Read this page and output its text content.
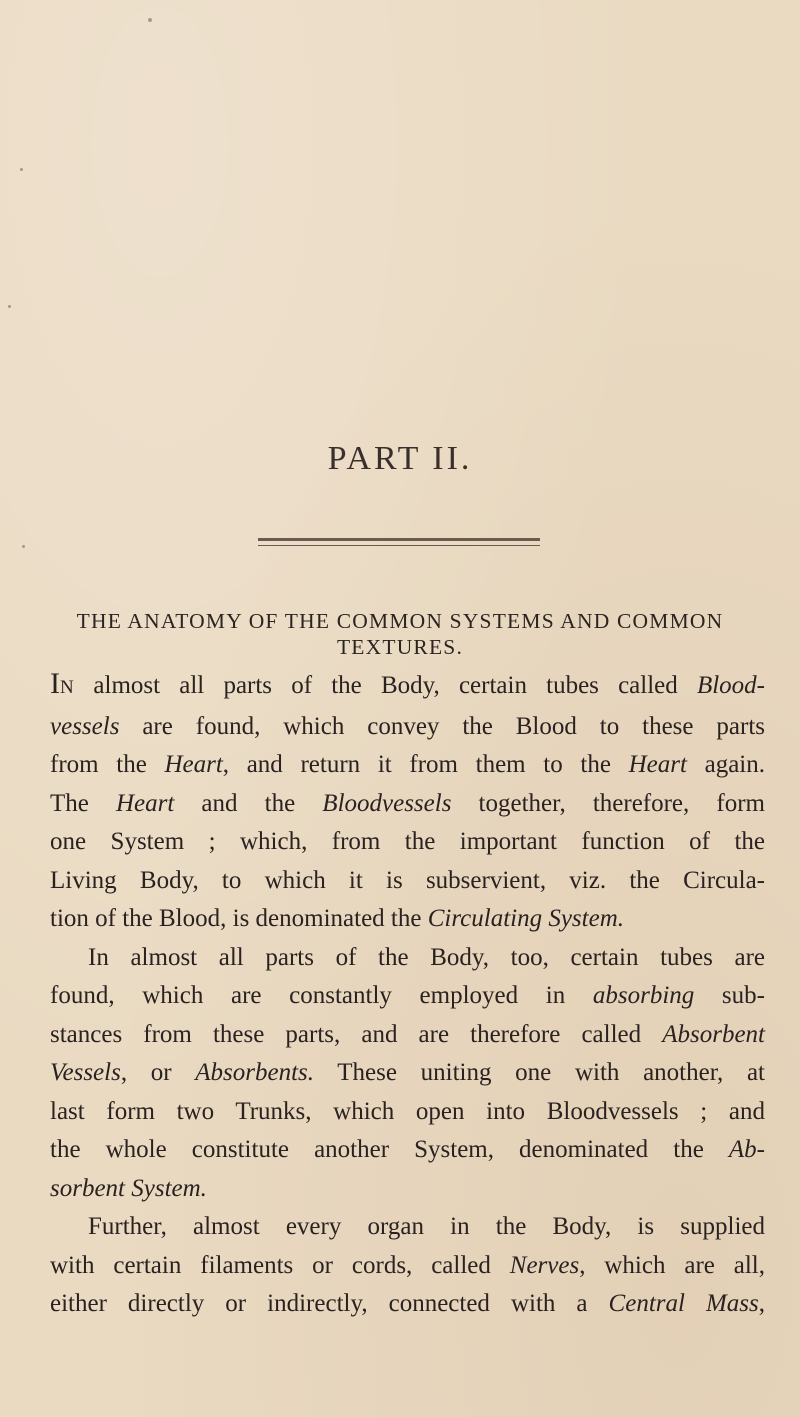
PART II.
THE ANATOMY OF THE COMMON SYSTEMS AND COMMON
TEXTURES.
IN almost all parts of the Body, certain tubes called Blood-
vessels are found, which convey the Blood to these parts
from the Heart, and return it from them to the Heart again.
The Heart and the Bloodvessels together, therefore, form
one System ; which, from the important function of the
Living Body, to which it is subservient, viz. the Circula-
tion of the Blood, is denominated the Circulating System.
In almost all parts of the Body, too, certain tubes are
found, which are constantly employed in absorbing sub-
stances from these parts, and are therefore called Absorbent
Vessels, or Absorbents. These uniting one with another, at
last form two Trunks, which open into Bloodvessels ; and
the whole constitute another System, denominated the Ab-
sorbent System.
Further, almost every organ in the Body, is supplied
with certain filaments or cords, called Nerves, which are all,
either directly or indirectly, connected with a Central Mass,
